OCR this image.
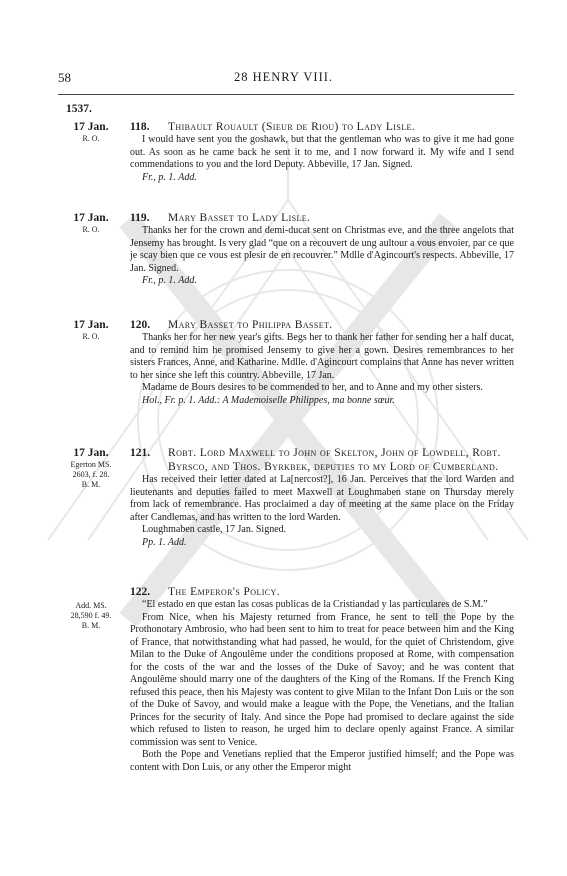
58	28 HENRY VIII.
1537.
17 Jan.
R. O.
118.	Thibault Rouault (Sieur de Riou) to Lady Lisle.

I would have sent you the goshawk, but that the gentleman who was to give it me had gone out. As soon as he came back he sent it to me, and I now forward it. My wife and I send commendations to you and the lord Deputy. Abbeville, 17 Jan. Signed.

Fr., p. 1. Add.

17 Jan.
R. O.
119.	Mary Basset to Lady Lisle.

Thanks her for the crown and demi-ducat sent on Christmas eve, and the three angelots that Jensemy has brought. Is very glad “que on a recouvert de ung aultour a vous envoier, par ce que je scay bien que ce vous est plesir de en recouvrer.” Mdlle d'Agincourt's respects. Abbeville, 17 Jan. Signed.

Fr., p. 1. Add.

17 Jan.
R. O.
120.	Mary Basset to Philippa Basset.

Thanks her for her new year's gifts. Begs her to thank her father for sending her a half ducat, and to remind him he promised Jensemy to give her a gown. Desires remembrances to her sisters Frances, Anne, and Katharine. Mdlle. d'Agincourt complains that Anne has never written to her since she left this country. Abbeville, 17 Jan.

Madame de Bours desires to be commended to her, and to Anne and my other sisters.

Hol., Fr. p. 1. Add.: A Mademoiselle Philippes, ma bonne sœur.

17 Jan.
Egerton MS.
2603, f. 28.
B. M.
121.	Robt. Lord Maxwell to John of Skelton, John of Lowdell, Robt. Byrsco, and Thos. Byrkbek, deputies to my Lord of Cumberland.

Has received their letter dated at La[nercost?], 16 Jan. Perceives that the lord Warden and lieutenants and deputies failed to meet Maxwell at Loughmaben stane on Thursday merely from lack of remembrance. Has proclaimed a day of meeting at the same place on the Friday after Candlemas, and has written to the lord Warden.

Loughmaben castle, 17 Jan. Signed.

Pp. 1. Add.

Add. MS.
28,590 f. 49.
B. M.
122.	The Emperor's Policy.

“El estado en que estan las cosas publicas de la Cristiandad y las particulares de S.M.”

From Nice, when his Majesty returned from France, he sent to tell the Pope by the Prothonotary Ambrosio, who had been sent to him to treat for peace between him and the King of France, that notwithstanding what had passed, he would, for the quiet of Christendom, give Milan to the Duke of Angoulême under the conditions proposed at Rome, with compensation for the costs of the war and the losses of the Duke of Savoy; and he was content that Angoulême should marry one of the daughters of the King of the Romans. If the French King refused this peace, then his Majesty was content to give Milan to the Infant Don Luis or the son of the Duke of Savoy, and would make a league with the Pope, the Venetians, and the Italian Princes for the security of Italy. And since the Pope had promised to declare against the side which refused to listen to reason, he urged him to declare openly against France. A similar commission was sent to Venice.

Both the Pope and Venetians replied that the Emperor justified himself; and the Pope was content with Don Luis, or any other the Emperor might
